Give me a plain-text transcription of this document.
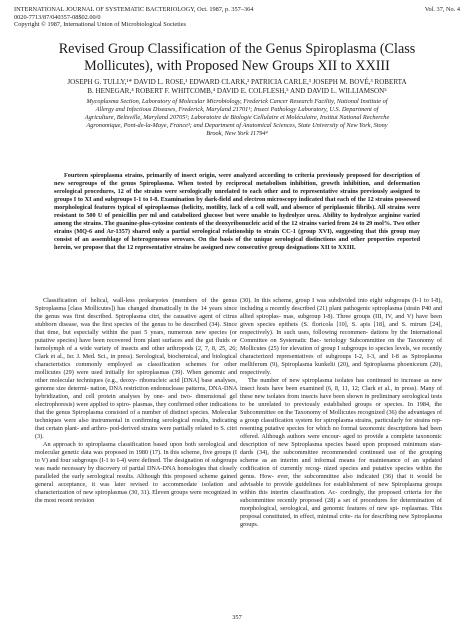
INTERNATIONAL JOURNAL OF SYSTEMATIC BACTERIOLOGY, Oct. 1987, p. 357–364
0020-7713/87/040357-08$02.00/0
Copyright © 1987, International Union of Microbiological Societies
Vol. 37, No. 4
Revised Group Classification of the Genus Spiroplasma (Class
Mollicutes), with Proposed New Groups XII to XXIII
JOSEPH G. TULLY,¹* DAVID L. ROSE,¹ EDWARD CLARK,² PATRICIA CARLE,³ JOSEPH M. BOVÉ,³ ROBERTA
B. HENEGAR,⁴ ROBERT F. WHITCOMB,⁴ DAVID E. COLFLESH,⁵ AND DAVID L. WILLIAMSON⁵
Mycoplasma Section, Laboratory of Molecular Microbiology, Frederick Cancer Research Facility, National Institute of
Allergy and Infectious Diseases, Frederick, Maryland 21701¹; Insect Pathology Laboratory, U.S. Department of
Agriculture, Beltsville, Maryland 20705²; Laboratoire de Biologie Cellulaire et Moléculaire, Institut National Recherche
Agronomique, Pont-de-la-Maye, France³; and Department of Anatomical Sciences, State University of New York, Stony
Brook, New York 11794⁴
Fourteen spiroplasma strains, primarily of insect origin, were analyzed according to criteria previously proposed for description of new serogroups of the genus Spiroplasma. When tested by reciprocal metabolism inhibition, growth inhibition, and deformation serological procedures, 12 of the strains were serologically unrelated to each other and to representative strains previously assigned to groups I to XI and subgroups I-1 to I-8. Examination by dark-field and electron microscopy indicated that each of the 12 strains possessed morphological features typical of spiroplasmas (helicity, motility, lack of a cell wall, and absence of periplasmic fibrils). All strains were resistant to 500 U of penicillin per ml and catabolized glucose but were unable to hydrolyze urea. Ability to hydrolyze arginine varied among the strains. The guanine-plus-cytosine contents of the deoxyribonucleic acid of the 12 strains varied from 24 to 29 mol%. Two other strains (MQ-6 and Ar-1357) shared only a partial serological relationship to strain CC-1 (group XVI), suggesting that this group may consist of an assemblage of heterogeneous serovars. On the basis of the unique serological distinctions and other properties reported herein, we propose that the 12 representative strains be assigned new consecutive group designations XII to XXIII.

Classification of helical, wall-less prokaryotes (members of the genus Spiroplasma [class Mollicutes]) has changed dramatically in the 14 years since the genus was first described. Spiroplasma citri, the causative agent of citrus stubborn disease, was the first species of the genus to be described (34). Since that time, but especially within the past 5 years, numerous new species (or putative species) have been recovered from plant surfaces and the gut fluids or hemolymph of a wide variety of insects and other arthropods (2, 7, 8, 25, 26; Clark et al., Isr. J. Med. Sci., in press). Serological, biochemical, and biological characteristics commonly employed as classification schemes for other mollicutes (29) were used initially for spiroplasmas (39). When genomic and other molecular techniques (e.g., deoxy- ribonucleic acid [DNA] base analyses, genome size determi- nation, DNA restriction endonuclease patterns, DNA-DNA hybridization, and cell protein analyses by one- and two- dimensional gel electrophoresis) were applied to spiro- plasmas, they confirmed other indications that the genus Spiroplasma consisted of a number of distinct species. Molecular techniques were also instrumental in confirming serological results, indicating that certain plant- and arthro- pod-derived strains were partially related to S. citri (3).

An approach to spiroplasma classification based upon both serological and molecular genetic data was proposed in 1980 (17). In this scheme, five groups (I to V) and four subgroups (I-1 to I-4) were defined. The designation of subgroups was made necessary by discovery of partial DNA-DNA homologies that closely paralleled the early serological results. Although this proposed scheme gained general acceptance, it was later revised to accommodate isolation and characterization of new spiroplasmas (30, 31). Eleven groups were recognized in the most recent revision

(30). In this scheme, group I was subdivided into eight subgroups (I-1 to I-8), including a recently described (21) plant pathogenic spiroplasma (strain P40 and allied spiroplas- mas, subgroup I-8). Three groups (III, IV, and V) have been given species epithets (S. floricola [10], S. apis [18], and S. mirum [24], respectively). In such uses, following recommen- dations by the International Committee on Systematic Bac- teriology Subcommittee on the Taxonomy of Mollicutes (25) for elevation of group I subgroups to species levels, we recently characterized representatives of subgroups I-2, I-3, and I-8 as Spiroplasma melliferum (9), Spiroplasma kunkelii (20), and Spiroplasma phoeniceum (20), respectively.

The number of new spiroplasma isolates has continued to increase as new insect hosts have been examined (6, 8, 11, 12; Clark et al., in press). Many of these new isolates from insects have been shown in preliminary serological tests to be unrelated to previously established groups or species. In 1984, the Subcommittee on the Taxonomy of Mollicutes recognized (36) the advantages of a group classification system for spiroplasma strains, particularly for strains rep- resenting putative species for which no formal taxonomic descriptions had been offered. Although authors were encour- aged to provide a complete taxonomic description of new Spiroplasma species based upon proposed minimum stan- dards (34), the subcommittee recommended continued use of the grouping scheme as an interim and informal means for maintenance of an updated codification of currently recog- nized species and putative species within the genus. How- ever, the subcommittee also indicated (36) that it would be advisable to provide guidelines for establishment of new Spiroplasma groups within this interim classification. Ac- cordingly, the proposed criteria for the subcommittee recently proposed (28) a set of procedures for determination of morphological, serological, and genomic features of new spi- roplasmas. This proposal constituted, in effect, minimal crite- ria for describing new Spiroplasma groups.

357
